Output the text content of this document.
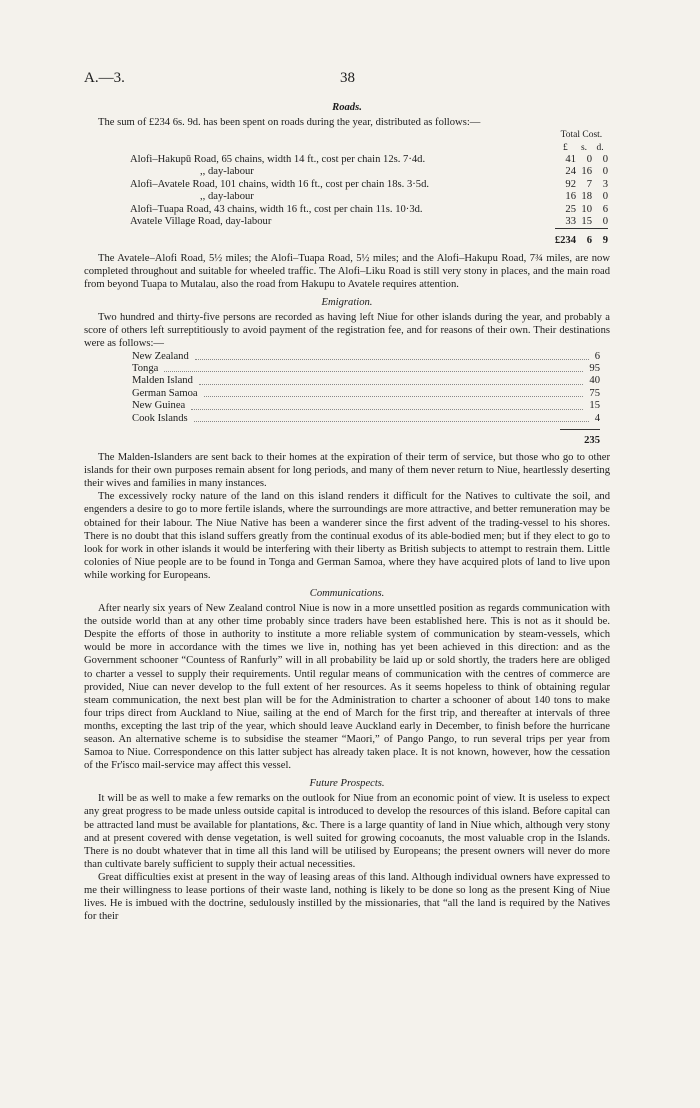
A.—3.	38
Roads.

The sum of £234 6s. 9d. has been spent on roads during the year, distributed as follows:—

	Total Cost.		
	£	s.	d.
Alofi–Hakupū Road, 65 chains, width 14 ft., cost per chain 12s. 7·4d.	41	0	0
,, day-labour	24	16	0
Alofi–Avatele Road, 101 chains, width 16 ft., cost per chain 18s. 3·5d.	92	7	3
,, day-labour	16	18	0
Alofi–Tuapa Road, 43 chains, width 16 ft., cost per chain 11s. 10·3d.	25	10	6
Avatele Village Road, day-labour	33	15	0
	£234	6	9

The Avatele–Alofi Road, 5½ miles; the Alofi–Tuapa Road, 5½ miles; and the Alofi–Hakupu Road, 7¾ miles, are now completed throughout and suitable for wheeled traffic. The Alofi–Liku Road is still very stony in places, and the main road from beyond Tuapa to Mutalau, also the road from Hakupu to Avatele requires attention.

Emigration.

Two hundred and thirty-five persons are recorded as having left Niue for other islands during the year, and probably a score of others left surreptitiously to avoid payment of the registration fee, and for reasons of their own. Their destinations were as follows:—

New Zealand	6
Tonga	95
Malden Island	40
German Samoa	75
New Guinea	15
Cook Islands	4
235

The Malden-Islanders are sent back to their homes at the expiration of their term of service, but those who go to other islands for their own purposes remain absent for long periods, and many of them never return to Niue, heartlessly deserting their wives and families in many instances.

The excessively rocky nature of the land on this island renders it difficult for the Natives to cultivate the soil, and engenders a desire to go to more fertile islands, where the surroundings are more attractive, and better remuneration may be obtained for their labour. The Niue Native has been a wanderer since the first advent of the trading-vessel to his shores. There is no doubt that this island suffers greatly from the continual exodus of its able-bodied men; but if they elect to go to look for work in other islands it would be interfering with their liberty as British subjects to attempt to restrain them. Little colonies of Niue people are to be found in Tonga and German Samoa, where they have acquired plots of land to live upon while working for Europeans.

Communications.

After nearly six years of New Zealand control Niue is now in a more unsettled position as regards communication with the outside world than at any other time probably since traders have been established here. This is not as it should be. Despite the efforts of those in authority to institute a more reliable system of communication by steam-vessels, which would be more in accordance with the times we live in, nothing has yet been achieved in this direction: and as the Government schooner “Countess of Ranfurly” will in all probability be laid up or sold shortly, the traders here are obliged to charter a vessel to supply their requirements. Until regular means of communication with the centres of commerce are provided, Niue can never develop to the full extent of her resources. As it seems hopeless to think of obtaining regular steam communication, the next best plan will be for the Administration to charter a schooner of about 140 tons to make four trips direct from Auckland to Niue, sailing at the end of March for the first trip, and thereafter at intervals of three months, excepting the last trip of the year, which should leave Auckland early in December, to finish before the hurricane season. An alternative scheme is to subsidise the steamer “Maori,” of Pango Pango, to run several trips per year from Samoa to Niue. Correspondence on this latter subject has already taken place. It is not known, however, how the cessation of the Fr'isco mail-service may affect this vessel.

Future Prospects.

It will be as well to make a few remarks on the outlook for Niue from an economic point of view. It is useless to expect any great progress to be made unless outside capital is introduced to develop the resources of this island. Before capital can be attracted land must be available for plantations, &c. There is a large quantity of land in Niue which, although very stony and at present covered with dense vegetation, is well suited for growing cocoanuts, the most valuable crop in the Islands. There is no doubt whatever that in time all this land will be utilised by Europeans; the present owners will never do more than cultivate barely sufficient to supply their actual necessities.

Great difficulties exist at present in the way of leasing areas of this land. Although individual owners have expressed to me their willingness to lease portions of their waste land, nothing is likely to be done so long as the present King of Niue lives. He is imbued with the doctrine, sedulously instilled by the missionaries, that “all the land is required by the Natives for their
